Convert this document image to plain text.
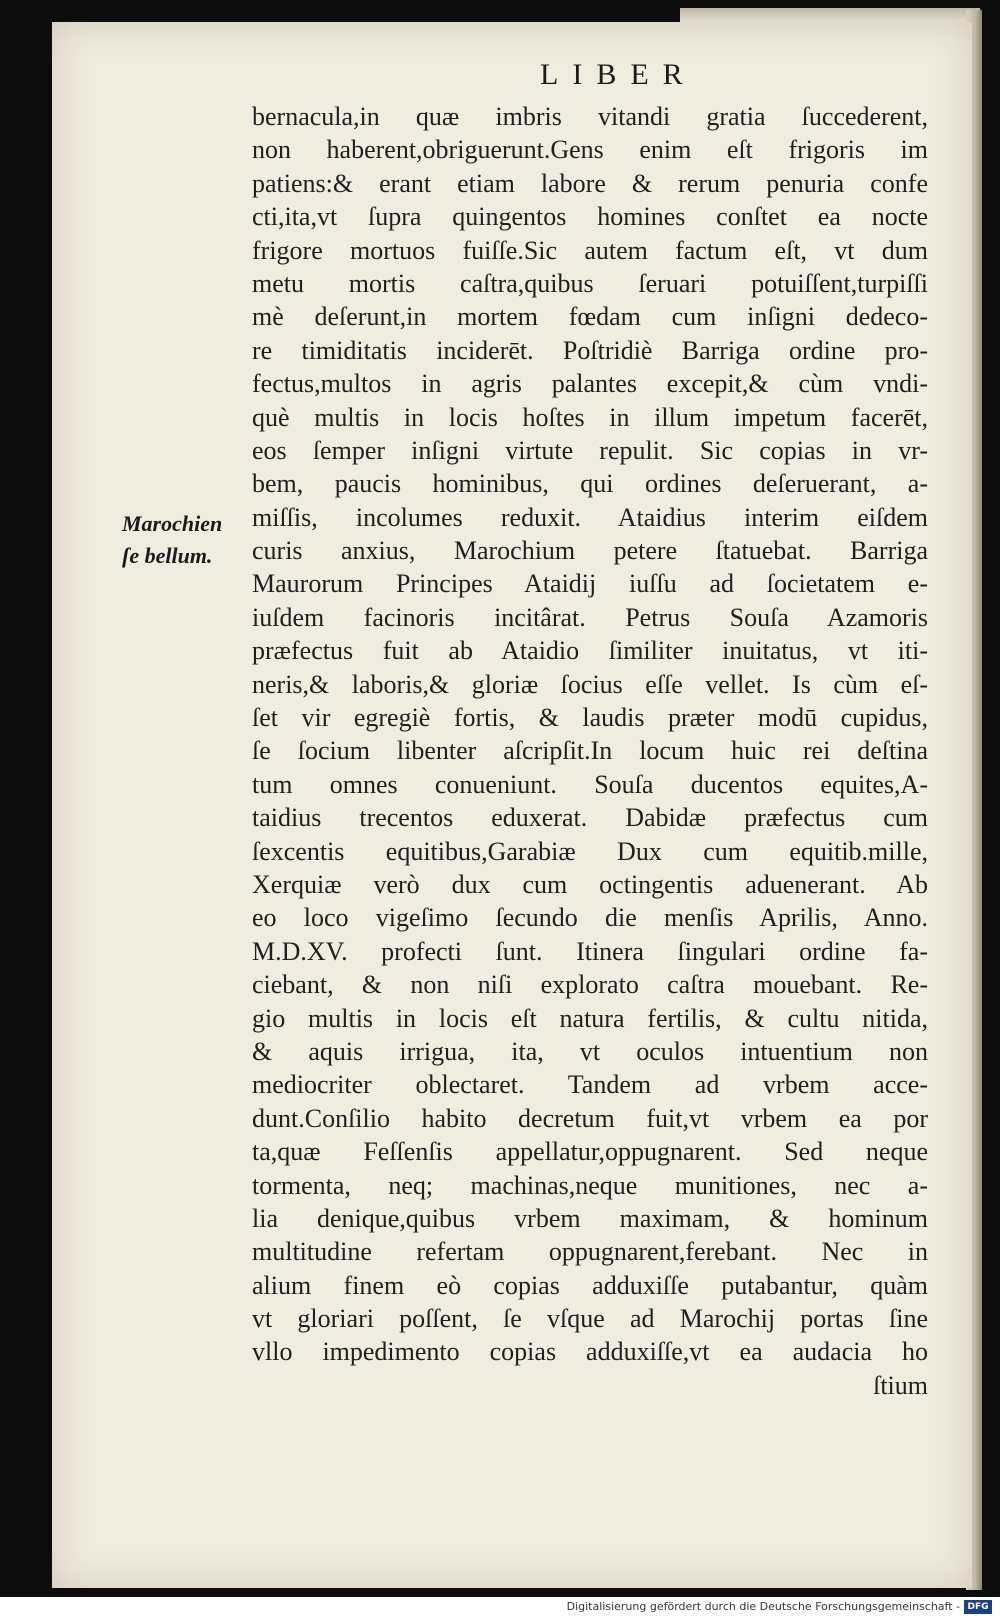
LIBER
Marochien
ſe bellum.
bernacula,in quæ imbris vitandi gratia ſuccederent,
non haberent,obriguerunt.Gens enim eſt frigoris im
patiens:& erant etiam labore & rerum penuria confe
cti,ita,vt ſupra quingentos homines conſtet ea nocte
frigore mortuos fuiſſe.Sic autem factum eſt, vt dum
metu mortis caſtra,quibus ſeruari potuiſſent,turpiſſi
mè deſerunt,in mortem fœdam cum inſigni dedeco-
re timiditatis inciderēt. Poſtridiè Barriga ordine pro-
fectus,multos in agris palantes excepit,& cùm vndi-
què multis in locis hoſtes in illum impetum facerēt,
eos ſemper inſigni virtute repulit. Sic copias in vr-
bem, paucis hominibus, qui ordines deſeruerant, a-
miſſis, incolumes reduxit. Ataidius interim eiſdem
curis anxius, Marochium petere ſtatuebat. Barriga
Maurorum Principes Ataidij iuſſu ad ſocietatem e-
iuſdem facinoris incitârat. Petrus Souſa Azamoris
præfectus fuit ab Ataidio ſimiliter inuitatus, vt iti-
neris,& laboris,& gloriæ ſocius eſſe vellet. Is cùm eſ-
ſet vir egregiè fortis, & laudis præter modū cupidus,
ſe ſocium libenter aſcripſit.In locum huic rei deſtina
tum omnes conueniunt. Souſa ducentos equites,A-
taidius trecentos eduxerat. Dabidæ præfectus cum
ſexcentis equitibus,Garabiæ Dux cum equitib.mille,
Xerquiæ verò dux cum octingentis aduenerant. Ab
eo loco vigeſimo ſecundo die menſis Aprilis, Anno.
M.D.XV. profecti ſunt. Itinera ſingulari ordine fa-
ciebant, & non niſi explorato caſtra mouebant. Re-
gio multis in locis eſt natura fertilis, & cultu nitida,
& aquis irrigua, ita, vt oculos intuentium non
mediocriter oblectaret. Tandem ad vrbem acce-
dunt.Conſilio habito decretum fuit,vt vrbem ea por
ta,quæ Feſſenſis appellatur,oppugnarent. Sed neque
tormenta, neq; machinas,neque munitiones, nec a-
lia denique,quibus vrbem maximam, & hominum
multitudine refertam oppugnarent,ferebant. Nec in
alium finem eò copias adduxiſſe putabantur, quàm
vt gloriari poſſent, ſe vſque ad Marochij portas ſine
vllo impedimento copias adduxiſſe,vt ea audacia ho
ſtium
Digitalisierung gefördert durch die Deutsche Forschungsgemeinschaft - DFG
